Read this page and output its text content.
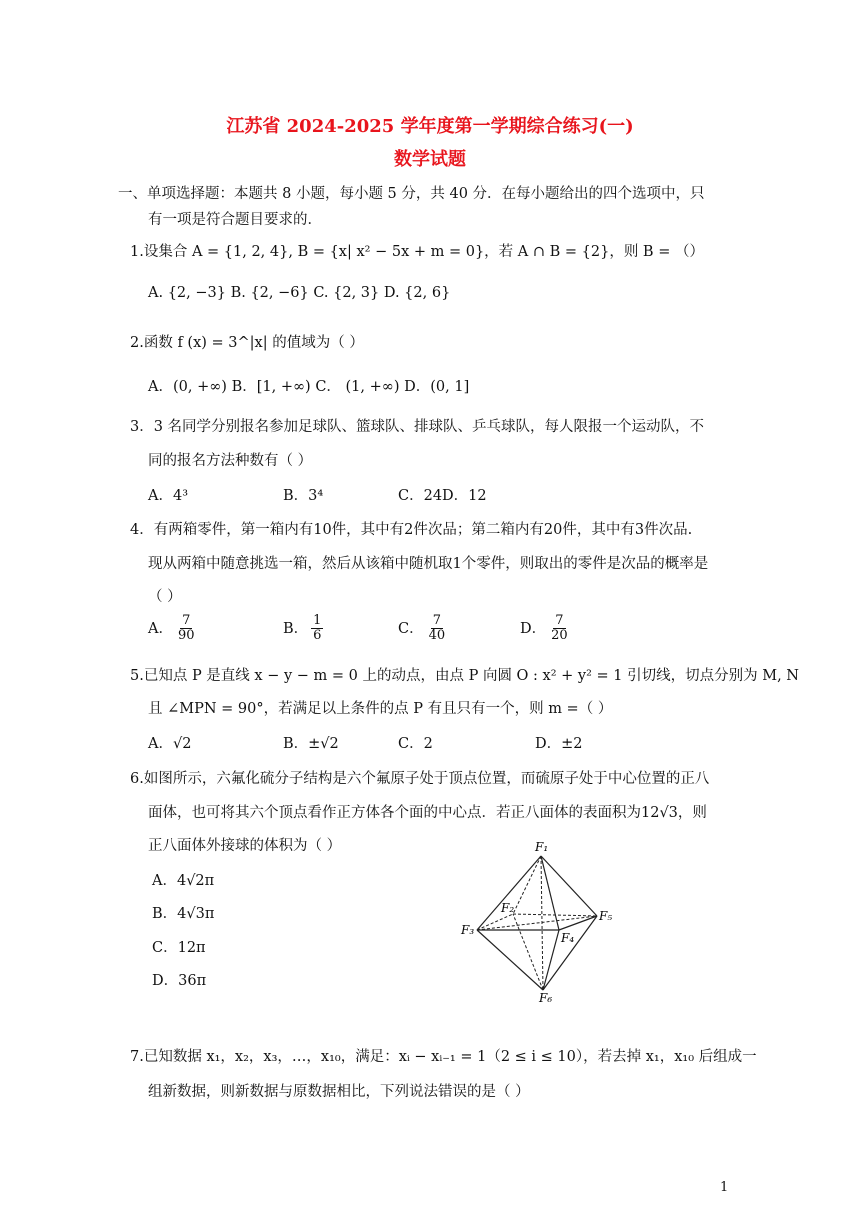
江苏省 2024-2025 学年度第一学期综合练习(一)
数学试题
一、单项选择题：本题共 8 小题，每小题 5 分，共 40 分．在每小题给出的四个选项中，只
有一项是符合题目要求的．
1.设集合 A = {1, 2, 4}, B = {x| x² − 5x + m = 0}，若 A ∩ B = {2}，则 B = （）
A. {2, −3} B. {2, −6} C. {2, 3} D. {2, 6}
2.函数 f (x) = 3^|x| 的值域为（ ）
A．(0, +∞) B．[1, +∞) C． (1, +∞) D．(0, 1]
3．3 名同学分别报名参加足球队、篮球队、排球队、乒乓球队，每人限报一个运动队，不
同的报名方法种数有（ ）
A．4³	B．3⁴	C．24D．12
4．有两箱零件，第一箱内有10件，其中有2件次品；第二箱内有20件，其中有3件次品.
现从两箱中随意挑选一箱，然后从该箱中随机取1个零件，则取出的零件是次品的概率是
（ ）
A． $\frac{7}{90}$	B． $\frac{1}{6}$	C． $\frac{7}{40}$	D． $\frac{7}{20}$
5.已知点 P 是直线 x − y − m = 0 上的动点，由点 P 向圆 O : x² + y² = 1 引切线，切点分别为 M, N
且 ∠MPN = 90°，若满足以上条件的点 P 有且只有一个，则 m =（ ）
A．√2	B．±√2	C．2	D．±2
6.如图所示，六氟化硫分子结构是六个氟原子处于顶点位置，而硫原子处于中心位置的正八
面体，也可将其六个顶点看作正方体各个面的中心点．若正八面体的表面积为12√3，则
正八面体外接球的体积为（ ）
A．4√2π
B．4√3π
C．12π
D．36π
F₁
F₂
F₃
F₄
F₅
F₆
7.已知数据 x₁，x₂，x₃，…，x₁₀，满足：xᵢ − xᵢ₋₁ = 1（2 ≤ i ≤ 10），若去掉 x₁，x₁₀ 后组成一
组新数据，则新数据与原数据相比，下列说法错误的是（ ）
1
